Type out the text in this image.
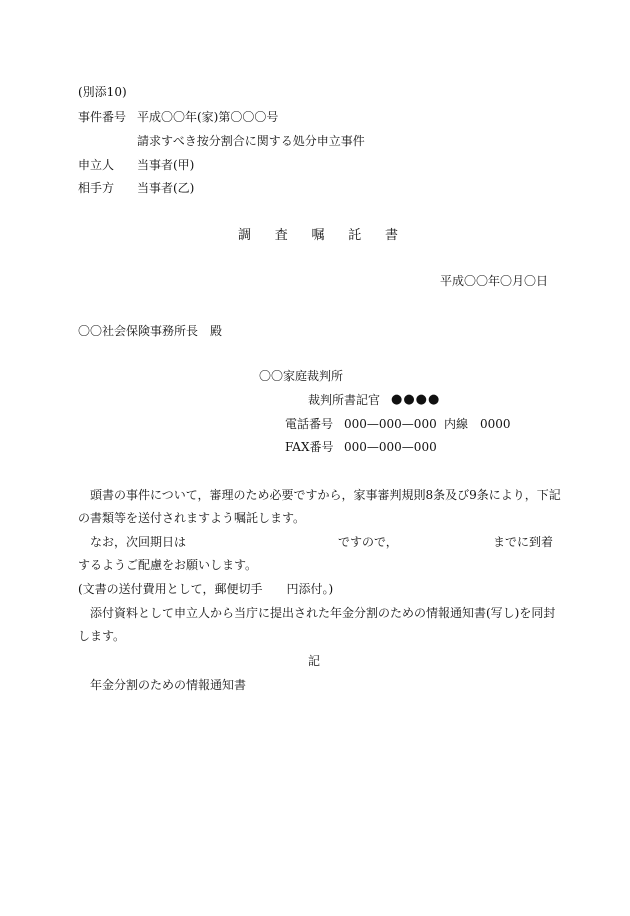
(別添10)
事件番号 平成〇〇年(家)第〇〇〇号
請求すべき按分割合に関する処分申立事件
申立人 当事者(甲)
相手方 当事者(乙)
調 査 嘱 託 書
平成〇〇年〇月〇日
〇〇社会保険事務所長　殿
〇〇家庭裁判所
裁判所書記官 ●●●●
電話番号 000—000—000 内線 0000
FAX番号 000—000—000
頭書の事件について，審理のため必要ですから，家事審判規則8条及び9条により，下記
の書類等を送付されますよう嘱託します。
なお，次回期日は	ですので，	までに到着
するようご配慮をお願いします。
(文書の送付費用として，郵便切手　　円添付。)
添付資料として申立人から当庁に提出された年金分割のための情報通知書(写し)を同封
します。
記
年金分割のための情報通知書
